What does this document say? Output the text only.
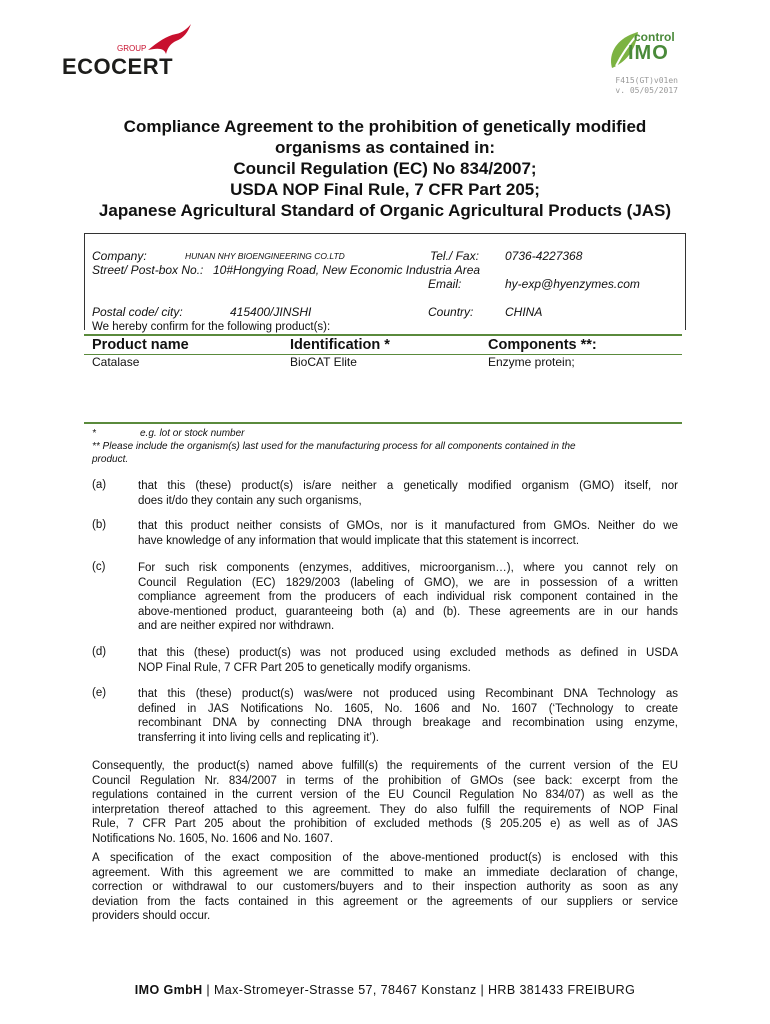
GROUP
ECOCERT
control
IMO
F415(GT)v01en
v. 05/05/2017
Compliance Agreement to the prohibition of genetically modified
organisms as contained in:
Council Regulation (EC) No 834/2007;
USDA NOP Final Rule, 7 CFR Part 205;
Japanese Agricultural Standard of Organic Agricultural Products (JAS)
Company:	HUNAN NHY BIOENGINEERING CO.LTD	Tel./ Fax: 0736-4227368
Street/ Post-box No.: 10#Hongying Road, New Economic Industria Area
Email:	hy-exp@hyenzymes.com
Postal code/ city:	415400/JINSHI	Country:	CHINA
We hereby confirm for the following product(s):
Product name	Identification *	Components **:
Catalase	BioCAT Elite	Enzyme protein;
*	e.g. lot or stock number
** Please include the organism(s) last used for the manufacturing process for all components contained in the
product.
(a)	that this (these) product(s) is/are neither a genetically modified organism (GMO) itself, nor
does it/do they contain any such organisms,
(b)	that this product neither consists of GMOs, nor is it manufactured from GMOs. Neither do we
have knowledge of any information that would implicate that this statement is incorrect.
(c)	For such risk components (enzymes, additives, microorganism…), where you cannot rely on
Council Regulation (EC) 1829/2003 (labeling of GMO), we are in possession of a written
compliance agreement from the producers of each individual risk component contained in the
above-mentioned product, guaranteeing both (a) and (b). These agreements are in our hands
and are neither expired nor withdrawn.
(d)	that this (these) product(s) was not produced using excluded methods as defined in USDA
NOP Final Rule, 7 CFR Part 205 to genetically modify organisms.
(e)	that this (these) product(s) was/were not produced using Recombinant DNA Technology as
defined in JAS Notifications No. 1605, No. 1606 and No. 1607 (‘Technology to create
recombinant DNA by connecting DNA through breakage and recombination using enzyme,
transferring it into living cells and replicating it’).
Consequently, the product(s) named above fulfill(s) the requirements of the current version of the EU
Council Regulation Nr. 834/2007 in terms of the prohibition of GMOs (see back: excerpt from the
regulations contained in the current version of the EU Council Regulation No 834/07) as well as the
interpretation thereof attached to this agreement. They do also fulfill the requirements of NOP Final
Rule, 7 CFR Part 205 about the prohibition of excluded methods (§ 205.205 e) as well as of JAS
Notifications No. 1605, No. 1606 and No. 1607.
A specification of the exact composition of the above-mentioned product(s) is enclosed with this
agreement. With this agreement we are committed to make an immediate declaration of change,
correction or withdrawal to our customers/buyers and to their inspection authority as soon as any
deviation from the facts contained in this agreement or the agreements of our suppliers or service
providers should occur.
IMO GmbH | Max-Stromeyer-Strasse 57, 78467 Konstanz | HRB 381433 FREIBURG
